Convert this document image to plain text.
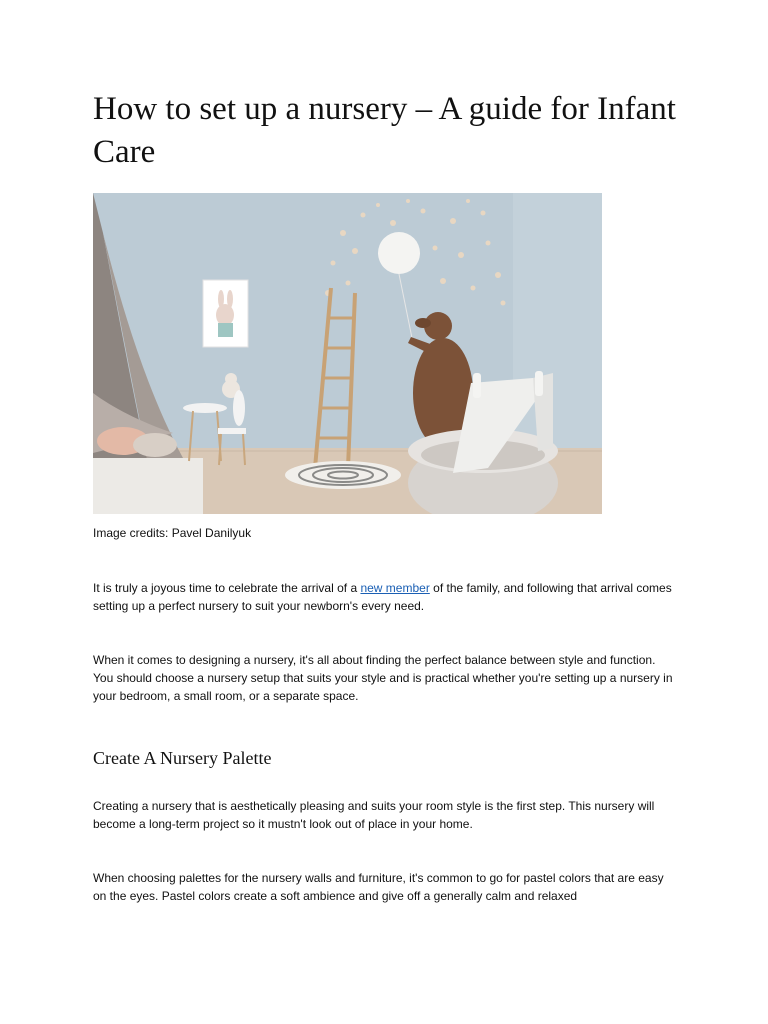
How to set up a nursery – A guide for Infant Care

Image credits: Pavel Danilyuk

It is truly a joyous time to celebrate the arrival of a new member of the family, and following that arrival comes setting up a perfect nursery to suit your newborn's every need.

When it comes to designing a nursery, it's all about finding the perfect balance between style and function. You should choose a nursery setup that suits your style and is practical whether you're setting up a nursery in your bedroom, a small room, or a separate space.

Create A Nursery Palette

Creating a nursery that is aesthetically pleasing and suits your room style is the first step. This nursery will become a long-term project so it mustn't look out of place in your home.

When choosing palettes for the nursery walls and furniture, it's common to go for pastel colors that are easy on the eyes. Pastel colors create a soft ambience and give off a generally calm and relaxed
